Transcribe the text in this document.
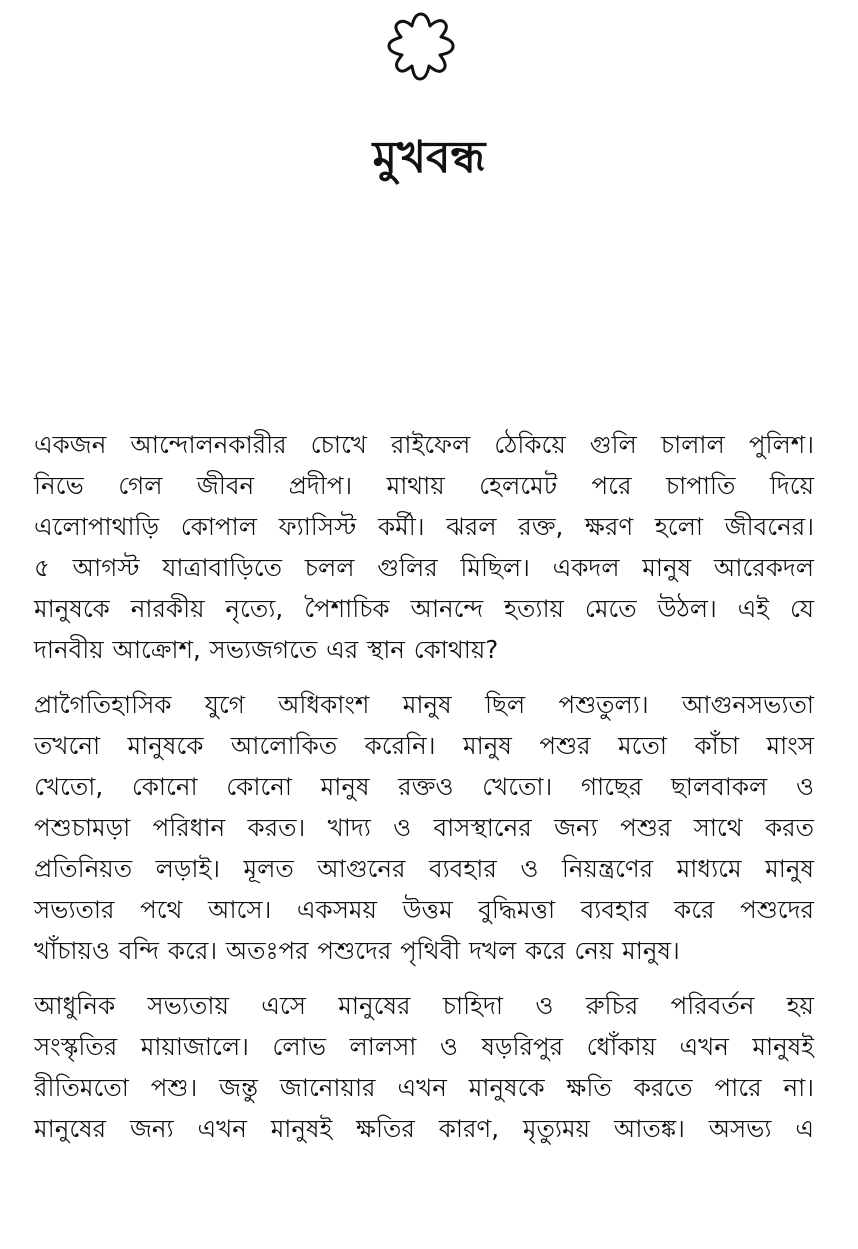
মুখবন্ধ

একজন আন্দোলনকারীর চোখে রাইফেল ঠেকিয়ে গুলি চালাল পুলিশ।
নিভে গেল জীবন প্রদীপ। মাথায় হেলমেট পরে চাপাতি দিয়ে
এলোপাথাড়ি কোপাল ফ্যাসিস্ট কর্মী। ঝরল রক্ত, ক্ষরণ হলো জীবনের।
৫ আগস্ট যাত্রাবাড়িতে চলল গুলির মিছিল। একদল মানুষ আরেকদল
মানুষকে নারকীয় নৃত্যে, পৈশাচিক আনন্দে হত্যায় মেতে উঠল। এই যে
দানবীয় আক্রোশ, সভ্যজগতে এর স্থান কোথায়?

প্রাগৈতিহাসিক যুগে অধিকাংশ মানুষ ছিল পশুতুল্য। আগুনসভ্যতা
তখনো মানুষকে আলোকিত করেনি। মানুষ পশুর মতো কাঁচা মাংস
খেতো, কোনো কোনো মানুষ রক্তও খেতো। গাছের ছালবাকল ও
পশুচামড়া পরিধান করত। খাদ্য ও বাসস্থানের জন্য পশুর সাথে করত
প্রতিনিয়ত লড়াই। মূলত আগুনের ব্যবহার ও নিয়ন্ত্রণের মাধ্যমে মানুষ
সভ্যতার পথে আসে। একসময় উত্তম বুদ্ধিমত্তা ব্যবহার করে পশুদের
খাঁচায়ও বন্দি করে। অতঃপর পশুদের পৃথিবী দখল করে নেয় মানুষ।

আধুনিক সভ্যতায় এসে মানুষের চাহিদা ও রুচির পরিবর্তন হয়
সংস্কৃতির মায়াজালে। লোভ লালসা ও ষড়রিপুর ধোঁকায় এখন মানুষই
রীতিমতো পশু। জন্তু জানোয়ার এখন মানুষকে ক্ষতি করতে পারে না।
মানুষের জন্য এখন মানুষই ক্ষতির কারণ, মৃত্যুময় আতঙ্ক। অসভ্য এ
